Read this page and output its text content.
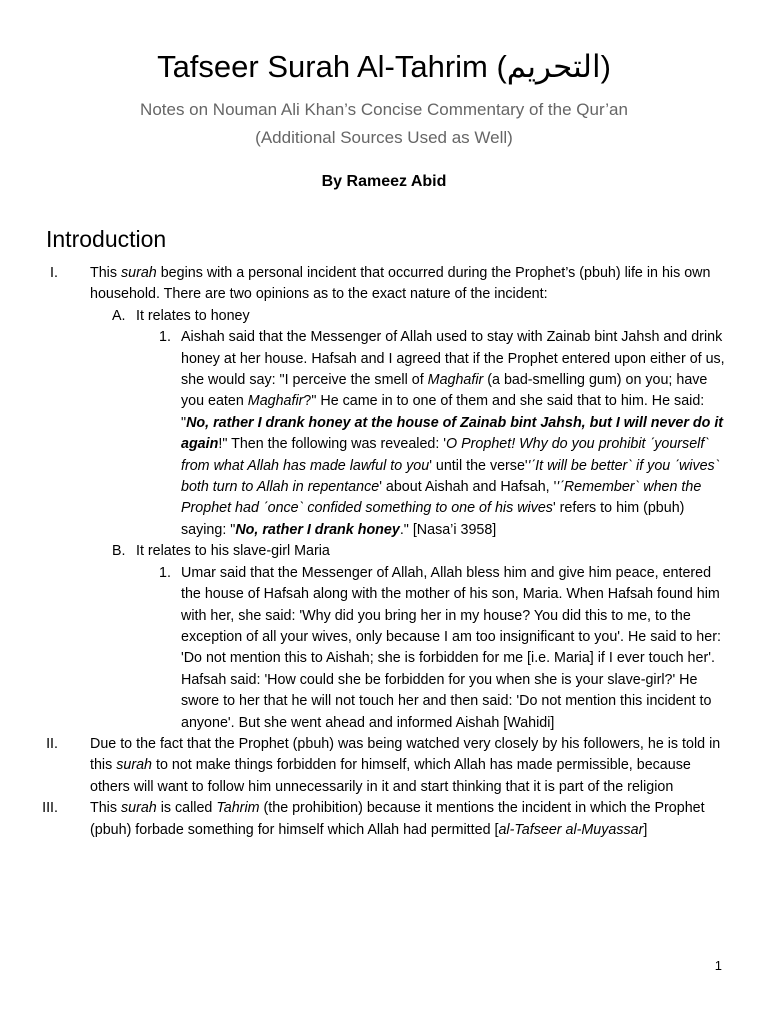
Tafseer Surah Al-Tahrim (التحريم)
Notes on Nouman Ali Khan’s Concise Commentary of the Qur’an
(Additional Sources Used as Well)
By Rameez Abid
Introduction
I. This surah begins with a personal incident that occurred during the Prophet’s (pbuh) life in his own household. There are two opinions as to the exact nature of the incident:
A. It relates to honey
1. Aishah said that the Messenger of Allah used to stay with Zainab bint Jahsh and drink honey at her house. Hafsah and I agreed that if the Prophet entered upon either of us, she would say: "I perceive the smell of Maghafir (a bad-smelling gum) on you; have you eaten Maghafir?" He came in to one of them and she said that to him. He said: "No, rather I drank honey at the house of Zainab bint Jahsh, but I will never do it again!" Then the following was revealed: 'O Prophet! Why do you prohibit ˊyourselfˋ from what Allah has made lawful to you' until the verse''ˊIt will be betterˋ if you ˊwivesˋ both turn to Allah in repentance' about Aishah and Hafsah, ''ˊRememberˋ when the Prophet had ˊonceˋ confided something to one of his wives' refers to him (pbuh) saying: "No, rather I drank honey." [Nasa’i 3958]
B. It relates to his slave-girl Maria
1. Umar said that the Messenger of Allah, Allah bless him and give him peace, entered the house of Hafsah along with the mother of his son, Maria. When Hafsah found him with her, she said: 'Why did you bring her in my house? You did this to me, to the exception of all your wives, only because I am too insignificant to you'. He said to her: 'Do not mention this to Aishah; she is forbidden for me [i.e. Maria] if I ever touch her'. Hafsah said: 'How could she be forbidden for you when she is your slave-girl?' He swore to her that he will not touch her and then said: 'Do not mention this incident to anyone'. But she went ahead and informed Aishah [Wahidi]
II. Due to the fact that the Prophet (pbuh) was being watched very closely by his followers, he is told in this surah to not make things forbidden for himself, which Allah has made permissible, because others will want to follow him unnecessarily in it and start thinking that it is part of the religion
III. This surah is called Tahrim (the prohibition) because it mentions the incident in which the Prophet (pbuh) forbade something for himself which Allah had permitted [al-Tafseer al-Muyassar]
1
